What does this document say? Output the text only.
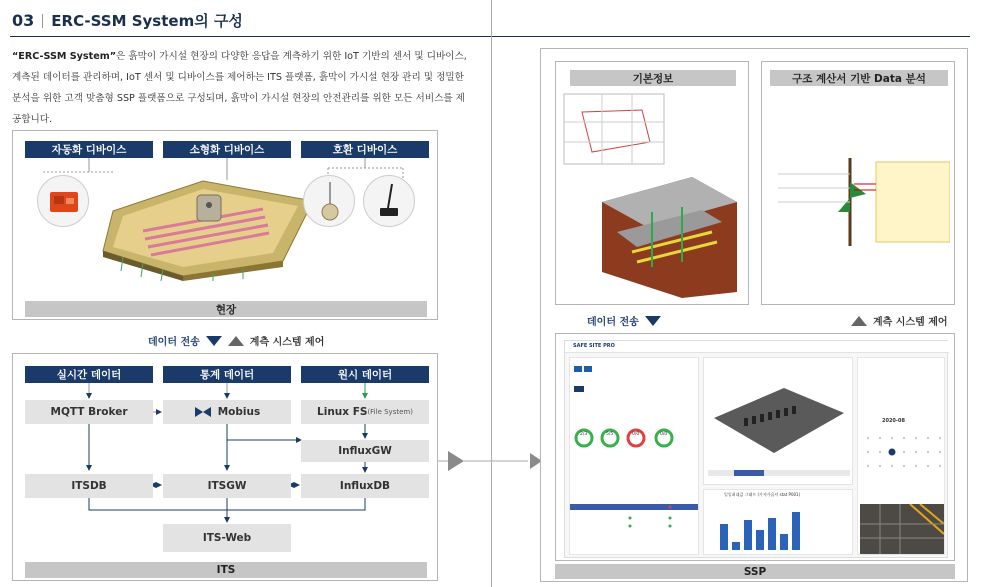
03 ERC-SSM System의 구성

“ERC-SSM System”은 흙막이 가시설 현장의 다양한 응답을 계측하기 위한 IoT 기반의 센서 및 디바이스, 계측된 데이터를 관리하며, IoT 센서 및 디바이스를 제어하는 ITS 플랫폼, 흙막이 가시설 현장 관리 및 정밀한 분석을 위한 고객 맞춤형 SSP 플랫폼으로 구성되며, 흙막이 가시설 현장의 안전관리를 위한 모든 서비스를 제공합니다.

자동화 디바이스	소형화 디바이스	호환 디바이스
현장
데이터 전송	계측 시스템 제어
실시간 데이터	통계 데이터	원시 데이터
MQTT Broker	Mobius	Linux FS (File System)
InfluxGW
ITSDB	ITSGW	InfluxDB
ITS-Web
ITS
기본정보	구조 계산서 기반 Data 분석
데이터 전송	계측 시스템 제어
SAFE SITE PRO
2/3	5/5	0/0	0/0
일일최대값 그래프 (가져가옵셔 stat P001)
2020-08
SSP
